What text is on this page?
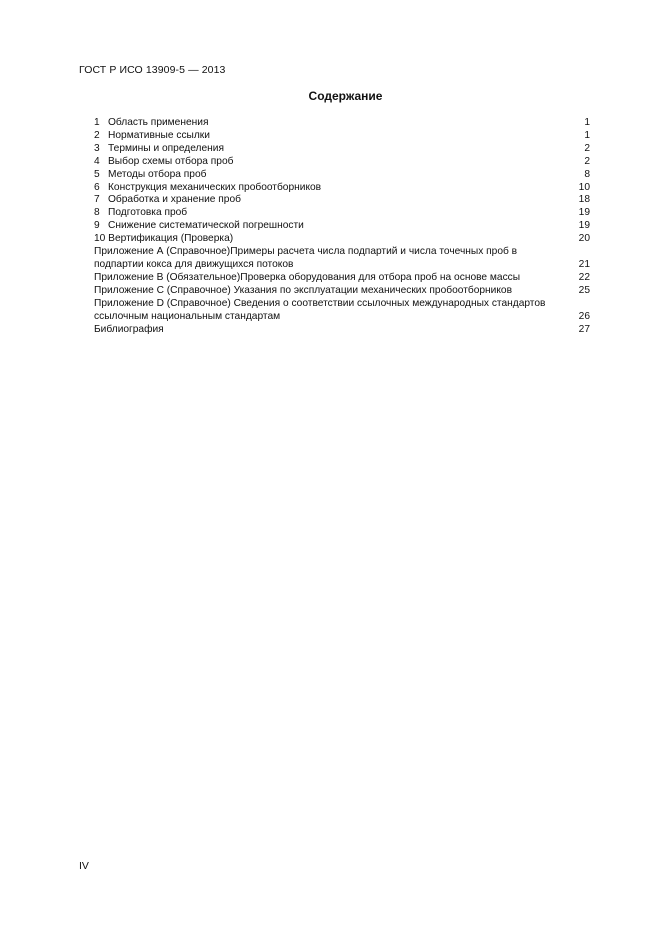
ГОСТ Р ИСО 13909-5 — 2013
Содержание
1 Область применения	1
2 Нормативные ссылки	1
3 Термины и определения	2
4 Выбор схемы отбора проб	2
5 Методы отбора проб	8
6 Конструкция механических пробоотборников	10
7 Обработка и хранение проб	18
8 Подготовка проб	19
9 Снижение систематической погрешности	19
10 Вертификация (Проверка)	20
Приложение А (Справочное)Примеры расчета числа подпартий и числа точечных проб в подпартии кокса для движущихся потоков	21
Приложение В (Обязательное)Проверка оборудования для отбора проб на основе массы	22
Приложение С (Справочное) Указания по эксплуатации механических пробоотборников	25
Приложение D (Справочное) Сведения о соответствии ссылочных международных стандартов ссылочным национальным стандартам	26
Библиография	27
IV
